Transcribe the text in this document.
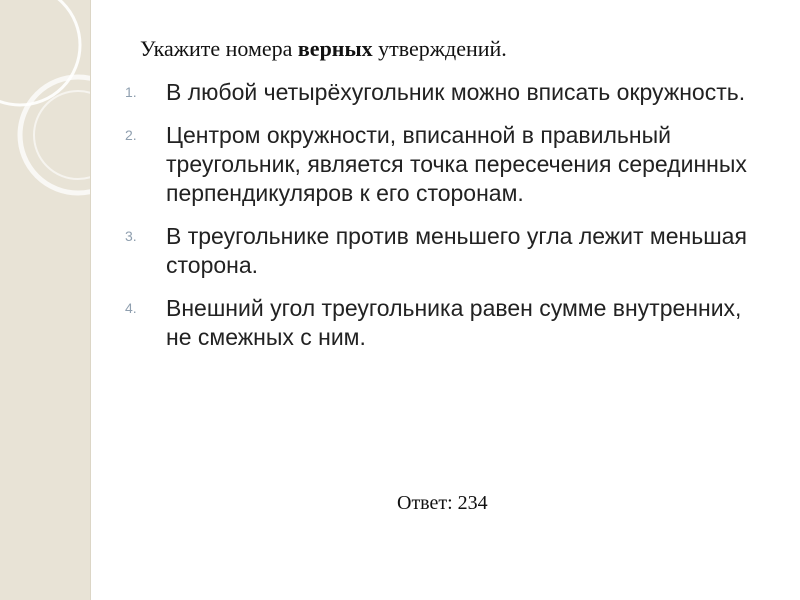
Укажите номера верных утверждений.
1. В любой четырёхугольник можно вписать окружность.
2. Центром окружности, вписанной в правильный треугольник, является точка пересечения серединных перпендикуляров к его сторонам.
3. В треугольнике против меньшего угла лежит меньшая сторона.
4. Внешний угол треугольника равен сумме внутренних, не смежных с ним.
Ответ: 234
